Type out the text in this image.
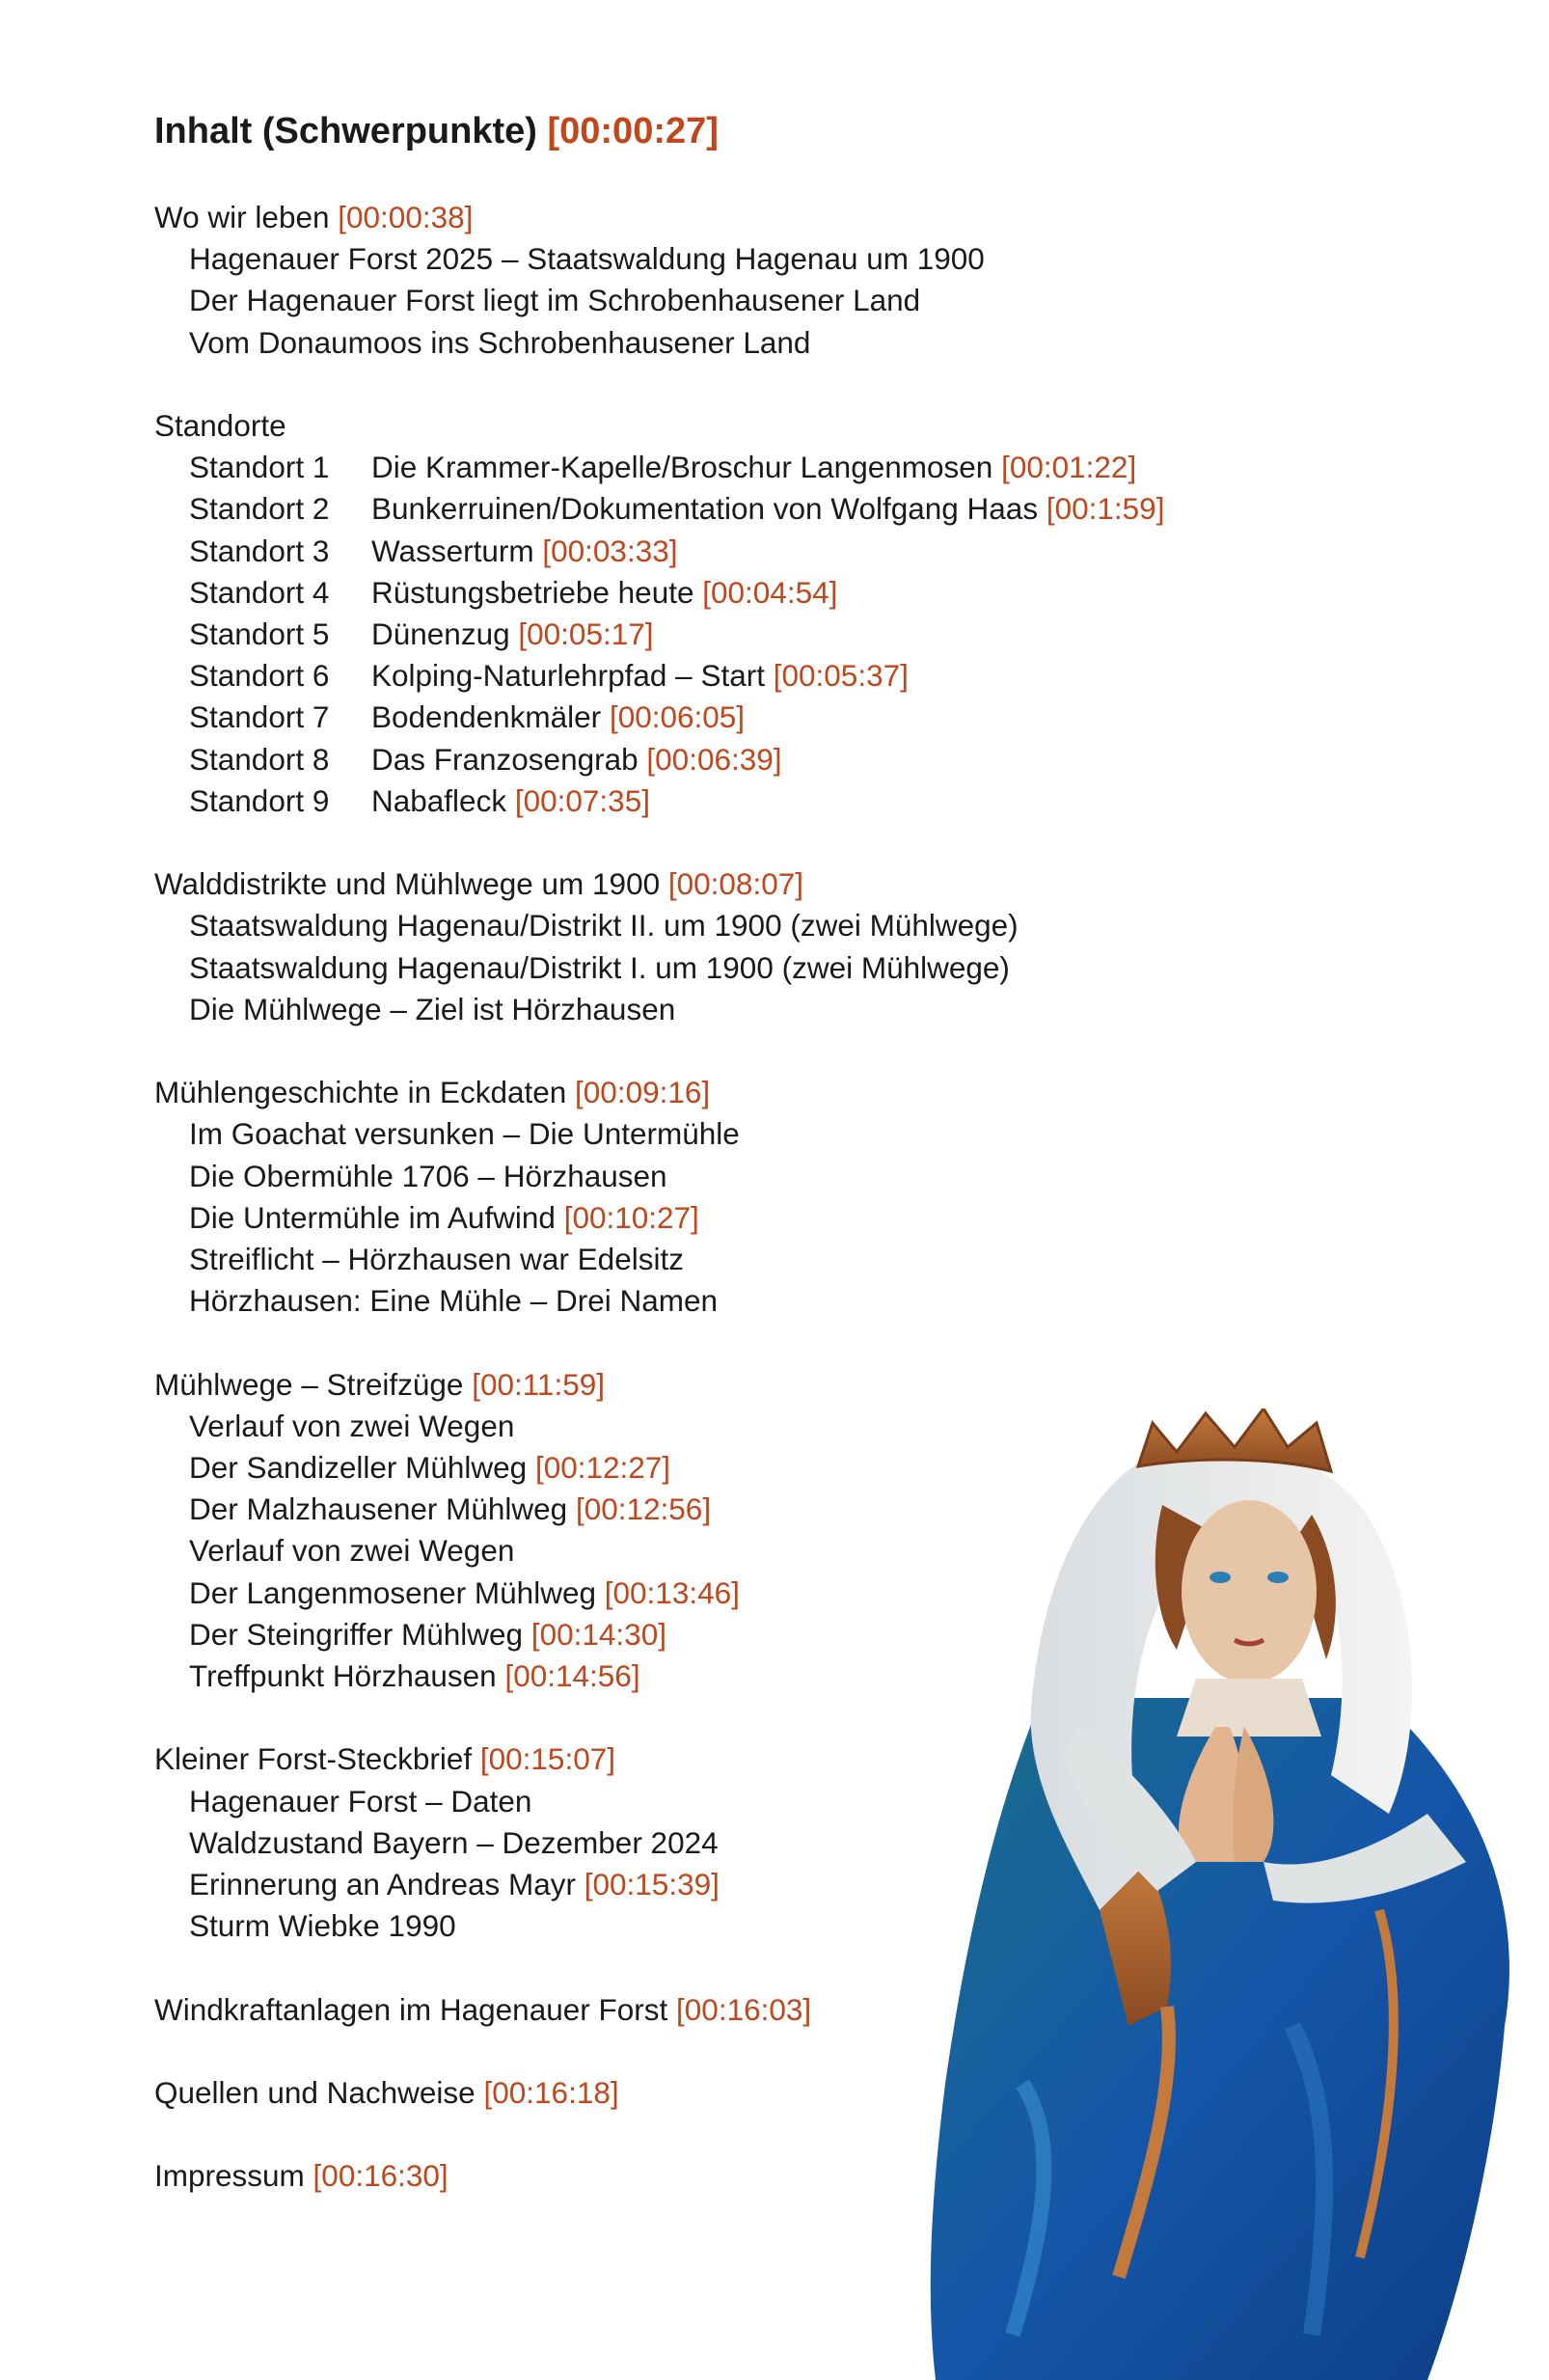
Inhalt (Schwerpunkte) [00:00:27]
Wo wir leben [00:00:38]
Hagenauer Forst 2025 – Staatswaldung Hagenau um 1900
Der Hagenauer Forst liegt im Schrobenhausener Land
Vom Donaumoos ins Schrobenhausener Land
Standorte
Standort 1 Die Krammer-Kapelle/Broschur Langenmosen [00:01:22]
Standort 2 Bunkerruinen/Dokumentation von Wolfgang Haas [00:1:59]
Standort 3 Wasserturm [00:03:33]
Standort 4 Rüstungsbetriebe heute [00:04:54]
Standort 5 Dünenzug [00:05:17]
Standort 6 Kolping-Naturlehrpfad – Start [00:05:37]
Standort 7 Bodendenkmäler [00:06:05]
Standort 8 Das Franzosengrab [00:06:39]
Standort 9 Nabafleck [00:07:35]
Walddistrikte und Mühlwege um 1900 [00:08:07]
Staatswaldung Hagenau/Distrikt II. um 1900 (zwei Mühlwege)
Staatswaldung Hagenau/Distrikt I. um 1900 (zwei Mühlwege)
Die Mühlwege – Ziel ist Hörzhausen
Mühlengeschichte in Eckdaten [00:09:16]
Im Goachat versunken – Die Untermühle
Die Obermühle 1706 – Hörzhausen
Die Untermühle im Aufwind [00:10:27]
Streiflicht – Hörzhausen war Edelsitz
Hörzhausen: Eine Mühle – Drei Namen
Mühlwege – Streifzüge [00:11:59]
Verlauf von zwei Wegen
Der Sandizeller Mühlweg [00:12:27]
Der Malzhausener Mühlweg [00:12:56]
Verlauf von zwei Wegen
Der Langenmosener Mühlweg [00:13:46]
Der Steingriffer Mühlweg [00:14:30]
Treffpunkt Hörzhausen [00:14:56]
Kleiner Forst-Steckbrief [00:15:07]
Hagenauer Forst – Daten
Waldzustand Bayern – Dezember 2024
Erinnerung an Andreas Mayr [00:15:39]
Sturm Wiebke 1990
Windkraftanlagen im Hagenauer Forst [00:16:03]
Quellen und Nachweise [00:16:18]
Impressum [00:16:30]
